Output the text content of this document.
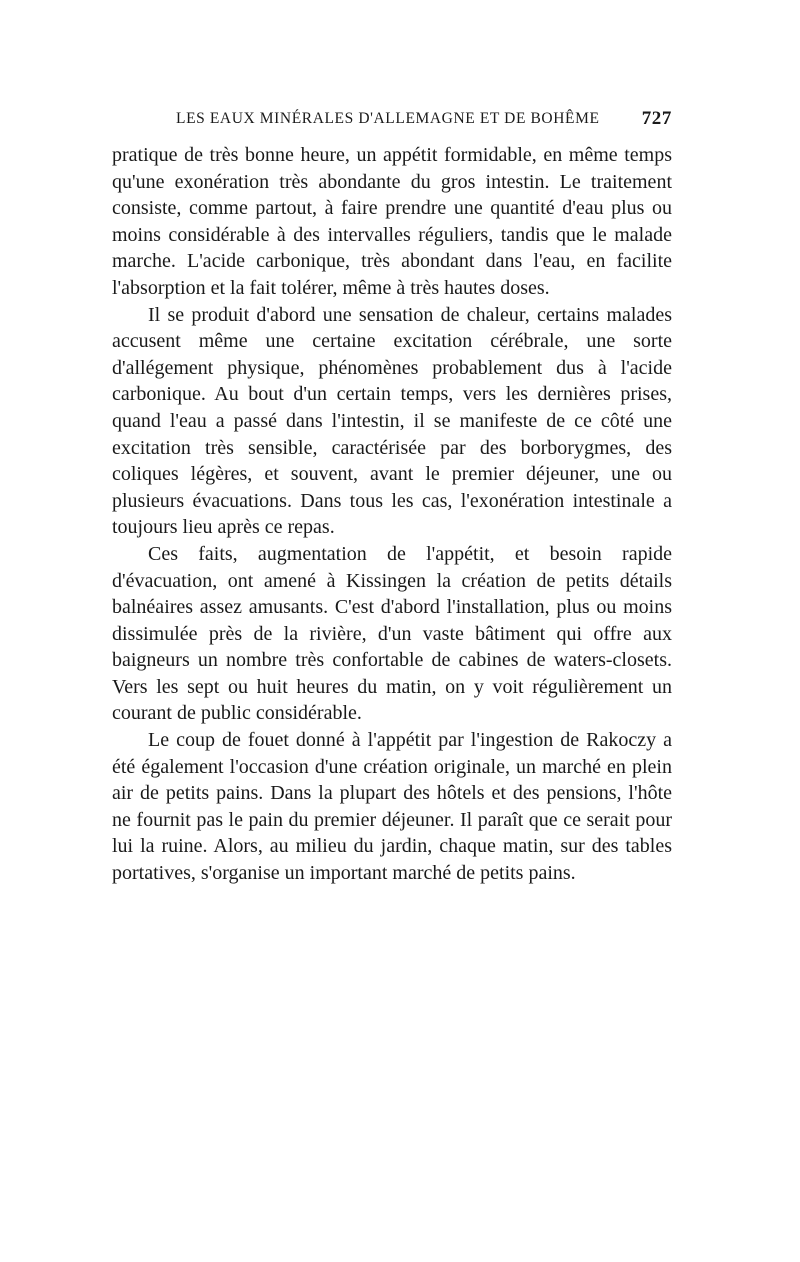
LES EAUX MINÉRALES D'ALLEMAGNE ET DE BOHÊME 727

pratique de très bonne heure, un appétit formidable, en même temps qu'une exonération très abondante du gros intestin. Le traitement consiste, comme partout, à faire prendre une quantité d'eau plus ou moins considérable à des intervalles réguliers, tandis que le malade marche. L'acide carbonique, très abondant dans l'eau, en facilite l'absorption et la fait tolérer, même à très hautes doses.

Il se produit d'abord une sensation de chaleur, certains malades accusent même une certaine excitation cérébrale, une sorte d'allégement physique, phénomènes probablement dus à l'acide carbonique. Au bout d'un certain temps, vers les dernières prises, quand l'eau a passé dans l'intestin, il se manifeste de ce côté une excitation très sensible, caractérisée par des borborygmes, des coliques légères, et souvent, avant le premier déjeuner, une ou plusieurs évacuations. Dans tous les cas, l'exonération intestinale a toujours lieu après ce repas.

Ces faits, augmentation de l'appétit, et besoin rapide d'évacuation, ont amené à Kissingen la création de petits détails balnéaires assez amusants. C'est d'abord l'installation, plus ou moins dissimulée près de la rivière, d'un vaste bâtiment qui offre aux baigneurs un nombre très confortable de cabines de waters-closets. Vers les sept ou huit heures du matin, on y voit régulièrement un courant de public considérable.

Le coup de fouet donné à l'appétit par l'ingestion de Rakoczy a été également l'occasion d'une création originale, un marché en plein air de petits pains. Dans la plupart des hôtels et des pensions, l'hôte ne fournit pas le pain du premier déjeuner. Il paraît que ce serait pour lui la ruine. Alors, au milieu du jardin, chaque matin, sur des tables portatives, s'organise un important marché de petits pains.
